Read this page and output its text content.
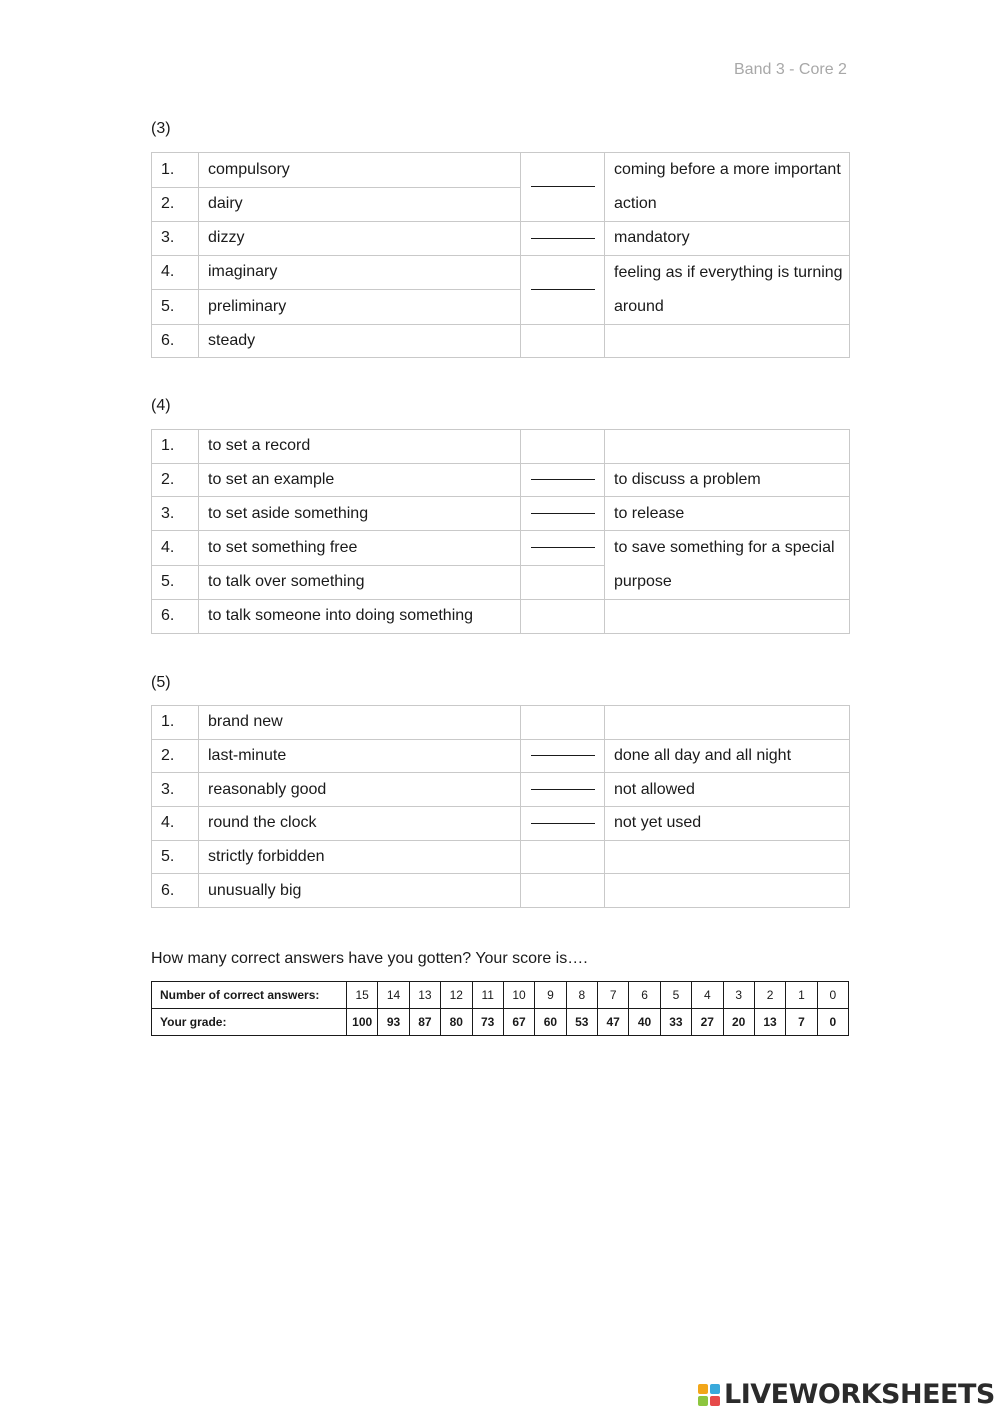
Band 3 - Core 2
(3)
1.	compulsory		coming before a more important action
2.	dairy		
3.	dizzy		mandatory
4.	imaginary		feeling as if everything is turning around
5.	preliminary		
6.	steady		
(4)
1.	to set a record		
2.	to set an example		to discuss a problem
3.	to set aside something		to release
4.	to set something free		to save something for a special purpose
5.	to talk over something		
6.	to talk someone into doing something		
(5)
1.	brand new		
2.	last-minute		done all day and all night
3.	reasonably good		not allowed
4.	round the clock		not yet used
5.	strictly forbidden		
6.	unusually big		
How many correct answers have you gotten? Your score is….
Number of correct answers:	15	14	13	12	11	10	9	8	7	6	5	4	3	2	1	0
Your grade:	100	93	87	80	73	67	60	53	47	40	33	27	20	13	7	0
LIVEWORKSHEETS
